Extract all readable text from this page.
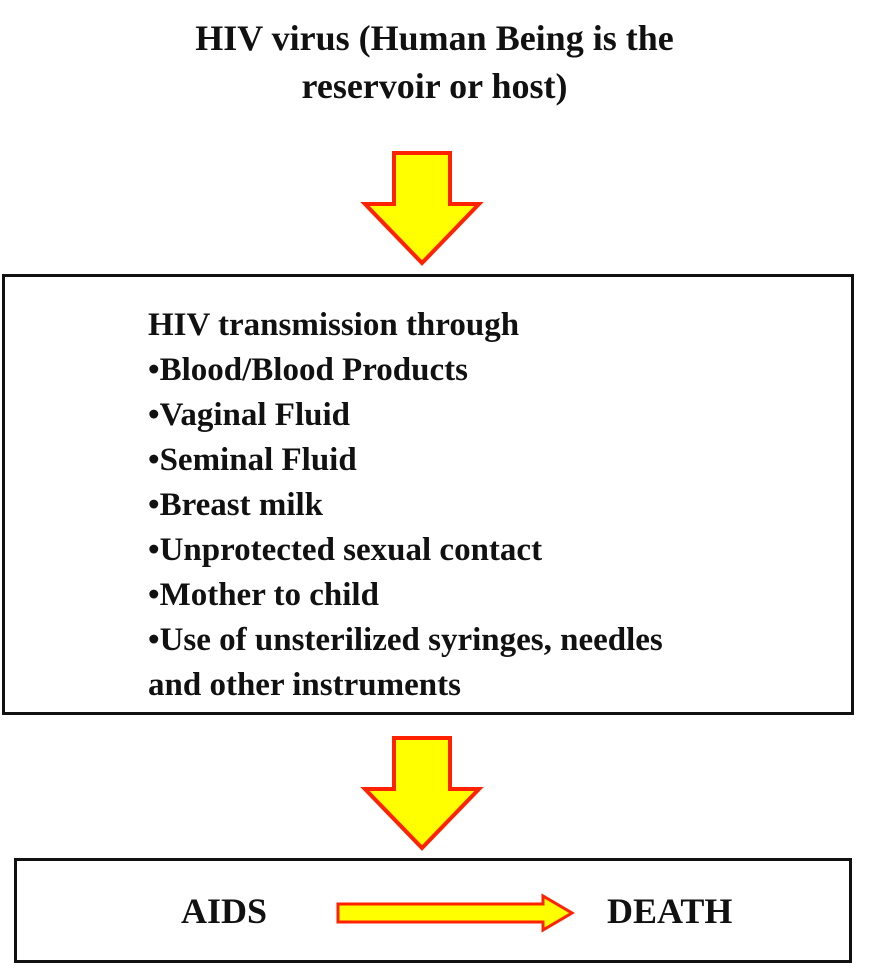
HIV virus (Human Being is the
reservoir or host)
HIV transmission through
• Blood/Blood Products
• Vaginal Fluid
• Seminal Fluid
• Breast milk
• Unprotected sexual contact
• Mother to child
• Use of unsterilized syringes, needles
and other instruments
AIDS	DEATH
